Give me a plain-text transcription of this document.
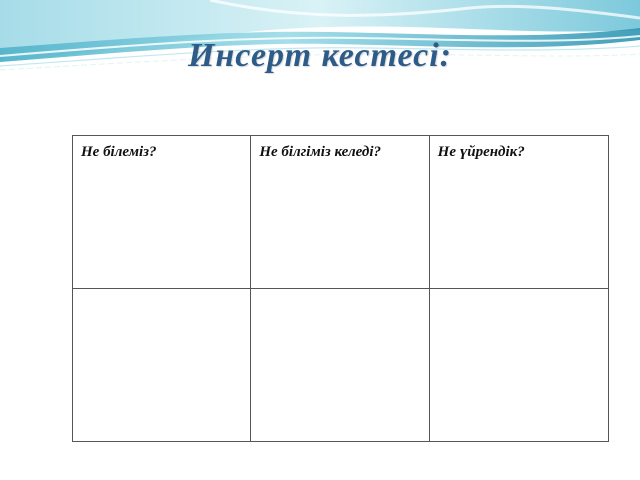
Инсерт кестесі:
Не білеміз?	Не білгіміз келеді?	Не үйрендік?
